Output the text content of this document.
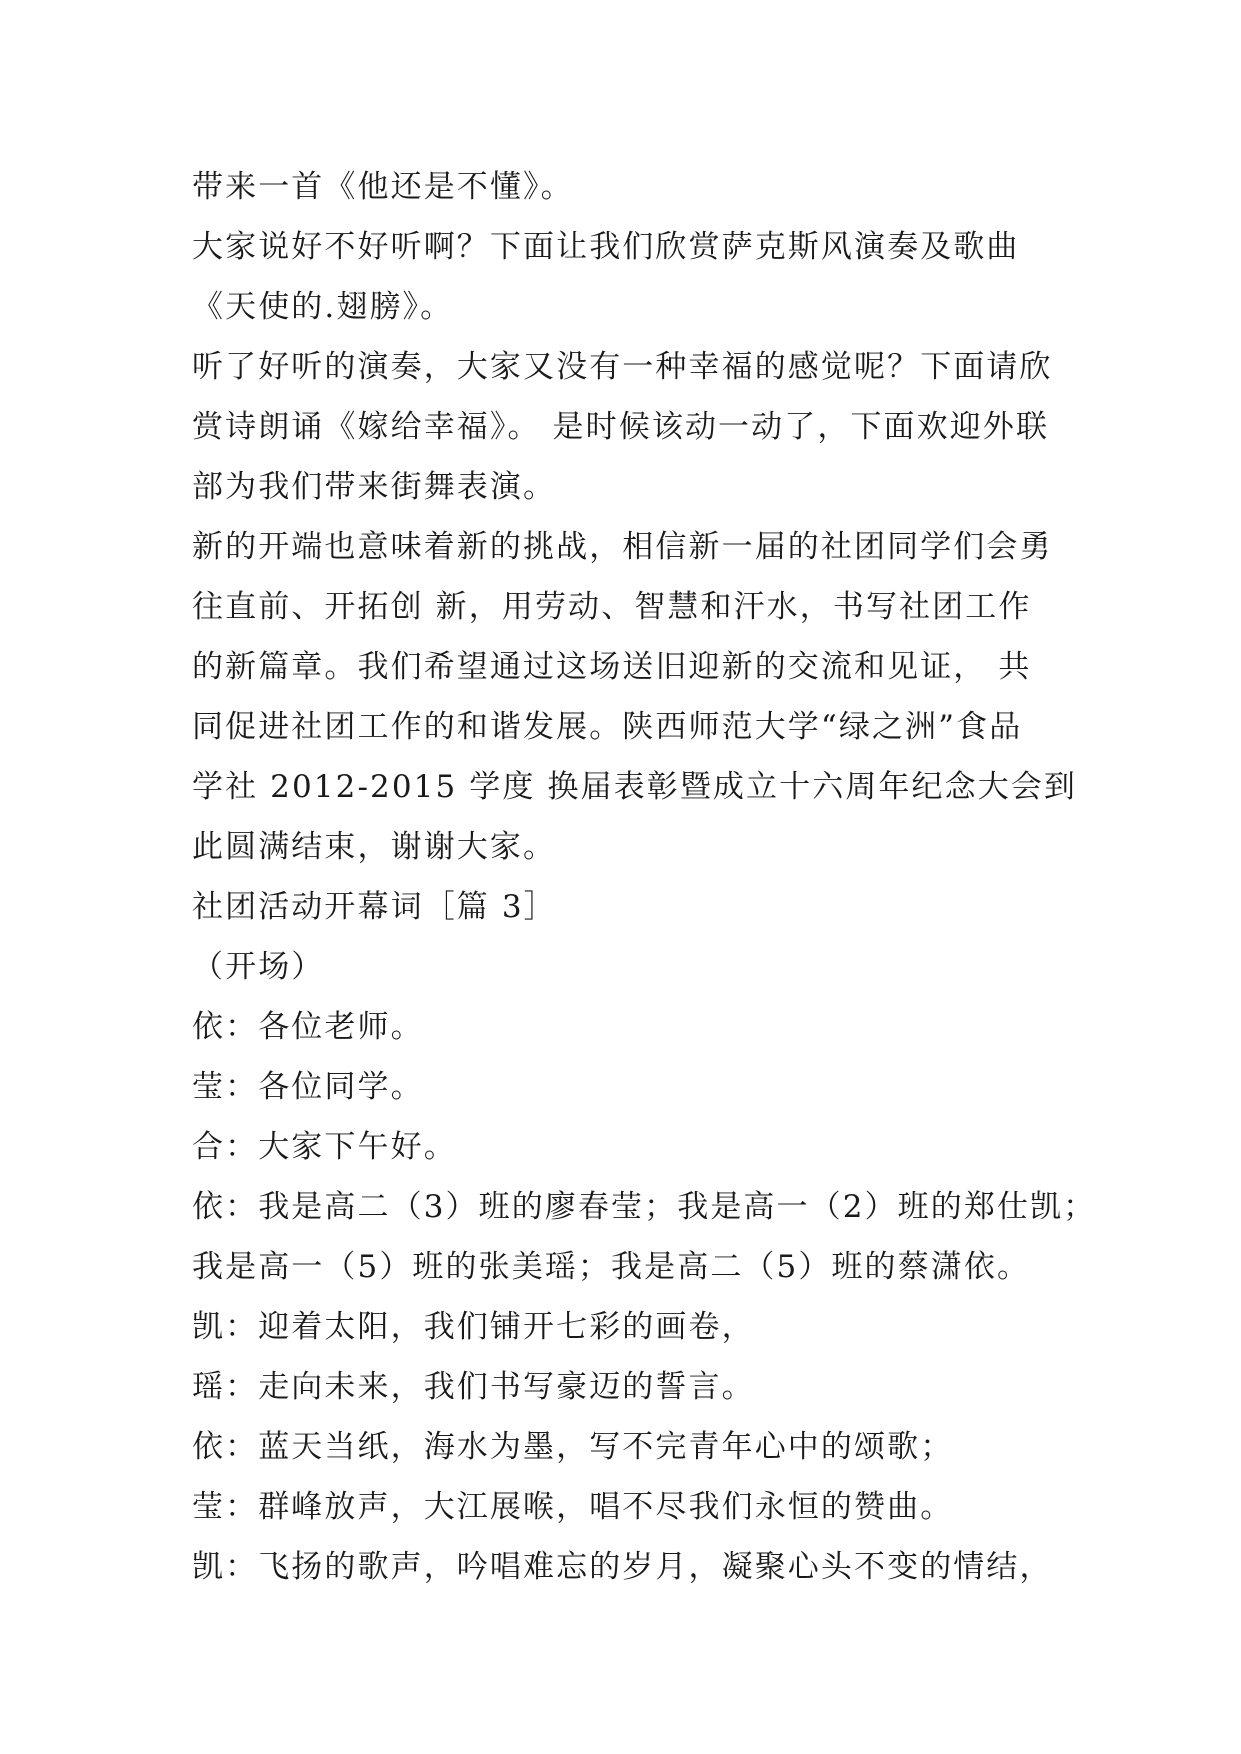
带来一首《他还是不懂》。
大家说好不好听啊？下面让我们欣赏萨克斯风演奏及歌曲
《天使的.翅膀》。
听了好听的演奏，大家又没有一种幸福的感觉呢？下面请欣
赏诗朗诵《嫁给幸福》。 是时候该动一动了，下面欢迎外联
部为我们带来街舞表演。
新的开端也意味着新的挑战，相信新一届的社团同学们会勇
往直前、开拓创 新，用劳动、智慧和汗水，书写社团工作
的新篇章。我们希望通过这场送旧迎新的交流和见证， 共
同促进社团工作的和谐发展。陕西师范大学“绿之洲”食品
学社 2012-2015 学度 换届表彰暨成立十六周年纪念大会到
此圆满结束，谢谢大家。
社团活动开幕词［篇 3］
（开场）
依：各位老师。
莹：各位同学。
合：大家下午好。
依：我是高二（3）班的廖春莹；我是高一（2）班的郑仕凯；
我是高一（5）班的张美瑶；我是高二（5）班的蔡潇依。
凯：迎着太阳，我们铺开七彩的画卷，
瑶：走向未来，我们书写豪迈的誓言。
依：蓝天当纸，海水为墨，写不完青年心中的颂歌；
莹：群峰放声，大江展喉，唱不尽我们永恒的赞曲。
凯：飞扬的歌声，吟唱难忘的岁月，凝聚心头不变的情结，
